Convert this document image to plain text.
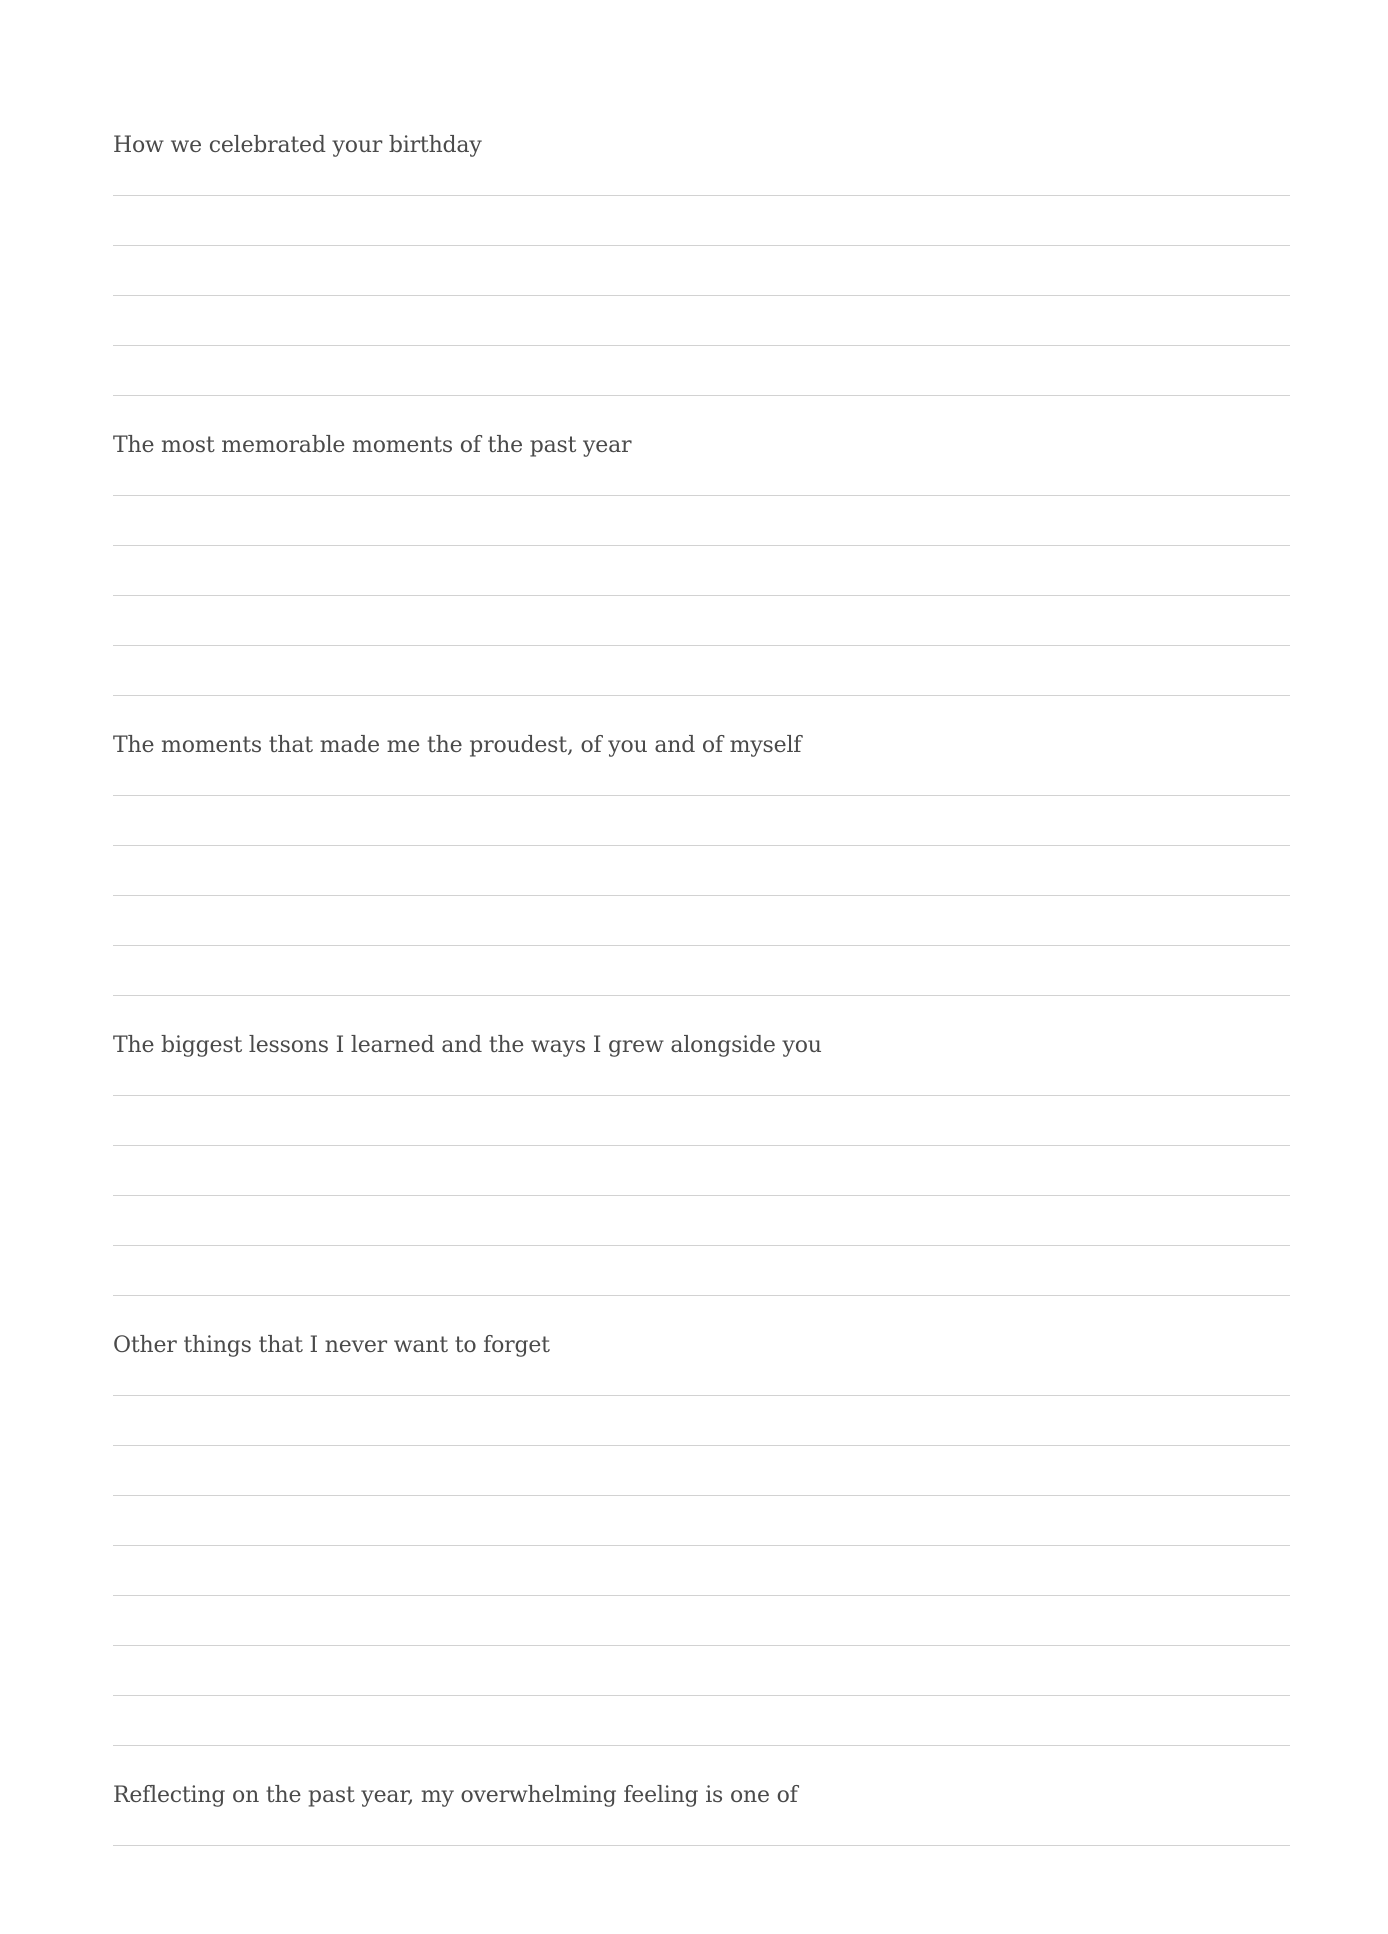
How we celebrated your birthday
The most memorable moments of the past year
The moments that made me the proudest, of you and of myself
The biggest lessons I learned and the ways I grew alongside you
Other things that I never want to forget
Reflecting on the past year, my overwhelming feeling is one of
